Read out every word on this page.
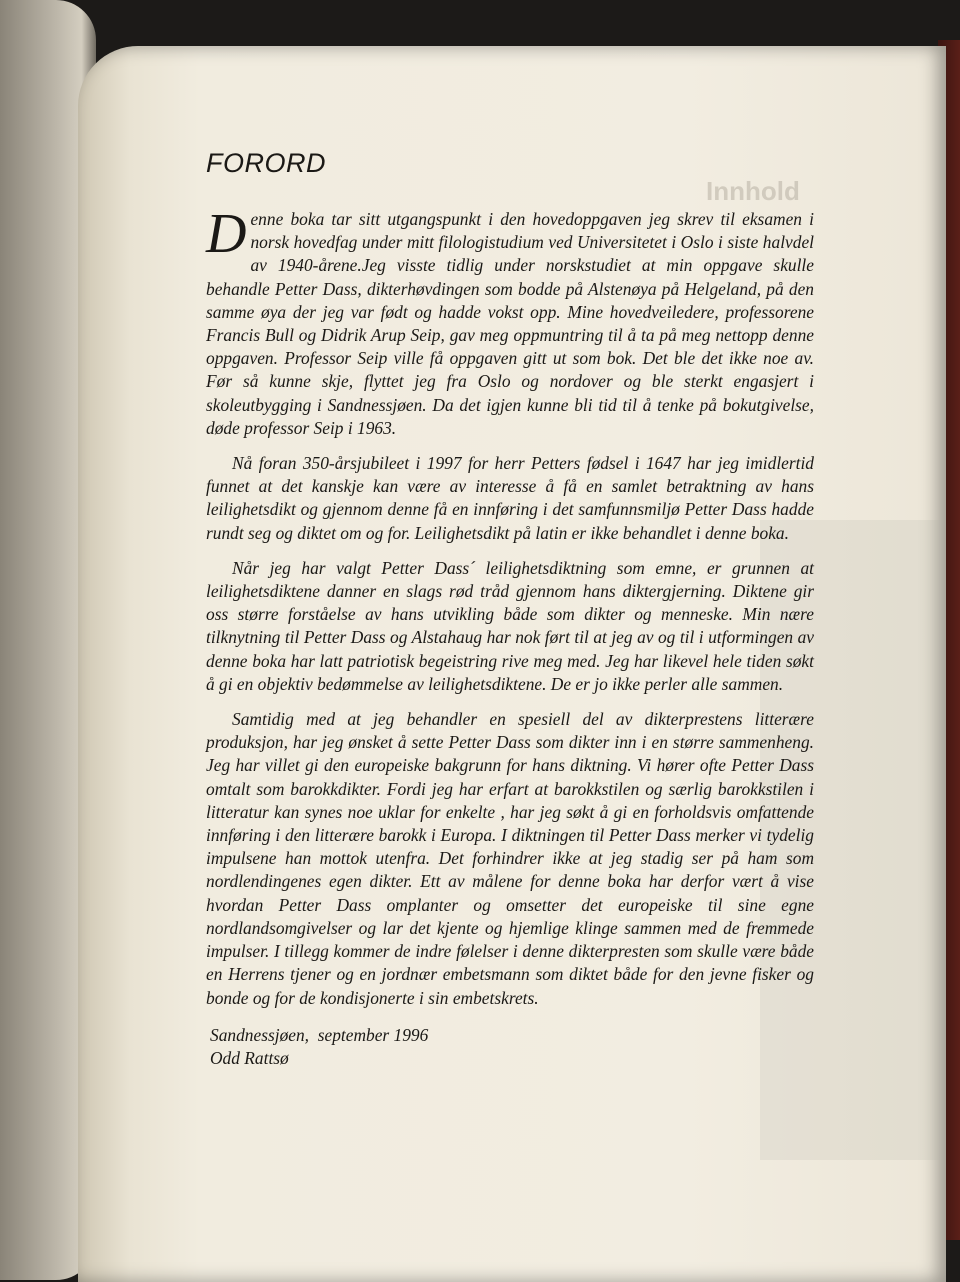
Innhold
FORORD

Denne boka tar sitt utgangspunkt i den hovedoppgaven jeg skrev til eksamen i norsk hovedfag under mitt filologistudium ved Universitetet i Oslo i siste halvdel av 1940-årene.Jeg visste tidlig under norskstudiet at min oppgave skulle behandle Petter Dass, dikterhøvdingen som bodde på Alstenøya på Helgeland, på den samme øya der jeg var født og hadde vokst opp. Mine hovedveiledere, professorene Francis Bull og Didrik Arup Seip, gav meg oppmuntring til å ta på meg nettopp denne oppgaven. Professor Seip ville få oppgaven gitt ut som bok. Det ble det ikke noe av. Før så kunne skje, flyttet jeg fra Oslo og nordover og ble sterkt engasjert i skoleutbygging i Sandnessjøen. Da det igjen kunne bli tid til å tenke på bokutgivelse, døde professor Seip i 1963.

Nå foran 350-årsjubileet i 1997 for herr Petters fødsel i 1647 har jeg imidlertid funnet at det kanskje kan være av interesse å få en samlet betraktning av hans leilighetsdikt og gjennom denne få en innføring i det samfunnsmiljø Petter Dass hadde rundt seg og diktet om og for. Leilighetsdikt på latin er ikke behandlet i denne boka.

Når jeg har valgt Petter Dass´ leilighetsdiktning som emne, er grunnen at leilighetsdiktene danner en slags rød tråd gjennom hans diktergjerning. Diktene gir oss større forståelse av hans utvikling både som dikter og menneske. Min nære tilknytning til Petter Dass og Alstahaug har nok ført til at jeg av og til i utformingen av denne boka har latt patriotisk begeistring rive meg med. Jeg har likevel hele tiden søkt å gi en objektiv bedømmelse av leilighetsdiktene. De er jo ikke perler alle sammen.

Samtidig med at jeg behandler en spesiell del av dikterprestens litterære produksjon, har jeg ønsket å sette Petter Dass som dikter inn i en større sammenheng. Jeg har villet gi den europeiske bakgrunn for hans diktning. Vi hører ofte Petter Dass omtalt som barokkdikter. Fordi jeg har erfart at barokkstilen og særlig barokkstilen i litteratur kan synes noe uklar for enkelte , har jeg søkt å gi en forholdsvis omfattende innføring i den litterære barokk i Europa. I diktningen til Petter Dass merker vi tydelig impulsene han mottok utenfra. Det forhindrer ikke at jeg stadig ser på ham som nordlendingenes egen dikter. Ett av målene for denne boka har derfor vært å vise hvordan Petter Dass omplanter og omsetter det europeiske til sine egne nordlandsomgivelser og lar det kjente og hjemlige klinge sammen med de fremmede impulser. I tillegg kommer de indre følelser i denne dikterpresten som skulle være både en Herrens tjener og en jordnær embetsmann som diktet både for den jevne fisker og bonde og for de kondisjonerte i sin embetskrets.

Sandnessjøen,  september 1996
Odd Rattsø
